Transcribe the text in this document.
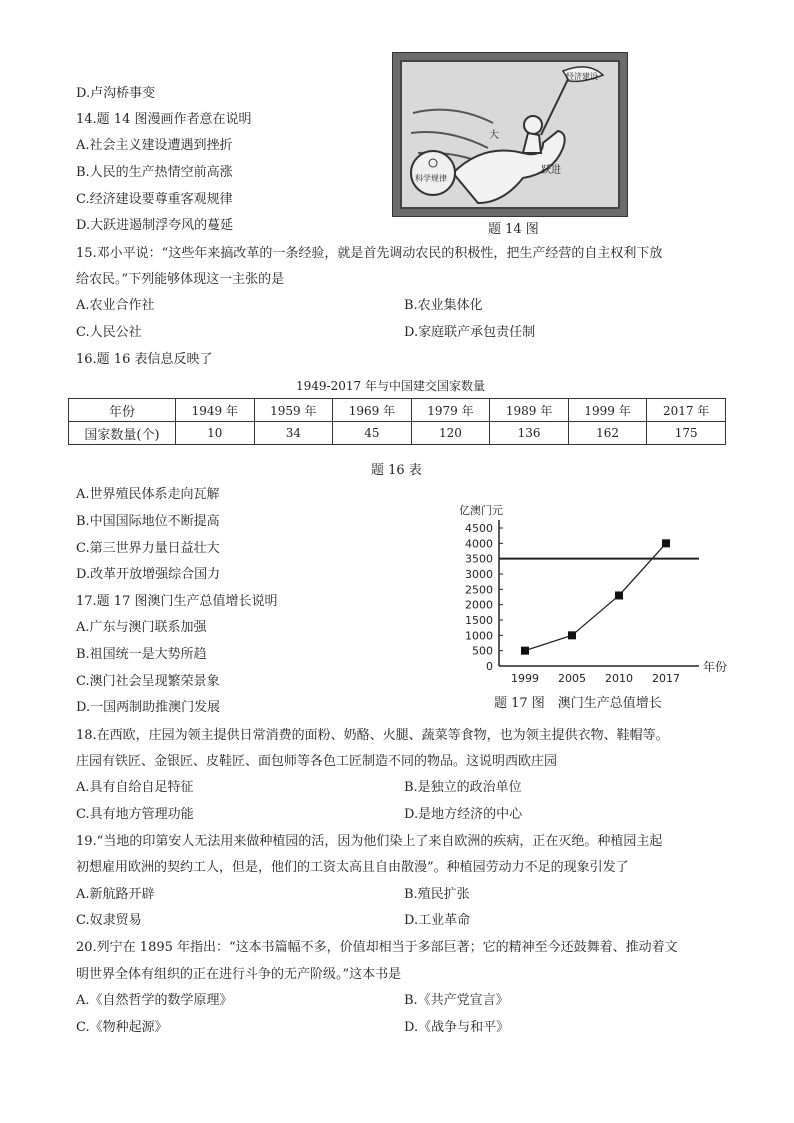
D.卢沟桥事变
14.题 14 图漫画作者意在说明
A.社会主义建设遭遇到挫折
B.人民的生产热情空前高涨
C.经济建设要尊重客观规律
D.大跃进遏制浮夸风的蔓延
经济建设
大
跃进
科学规律
题 14 图
15.邓小平说：“这些年来搞改革的一条经验，就是首先调动农民的积极性，把生产经营的自主权利下放
给农民。”下列能够体现这一主张的是
A.农业合作社	B.农业集体化
C.人民公社	D.家庭联产承包责任制
16.题 16 表信息反映了
1949-2017 年与中国建交国家数量
年份	1949 年	1959 年	1969 年	1979 年	1989 年	1999 年	2017 年
国家数量(个)	10	34	45	120	136	162	175
题 16 表
A.世界殖民体系走向瓦解
B.中国国际地位不断提高
C.第三世界力量日益壮大
D.改革开放增强综合国力
17.题 17 图澳门生产总值增长说明
A.广东与澳门联系加强
B.祖国统一是大势所趋
C.澳门社会呈现繁荣景象
D.一国两制助推澳门发展
0
500
1000
1500
2000
2500
3000
3500
4000
4500
亿澳门元
年份
1999 2005 2010 2017
题 17 图　澳门生产总值增长
18.在西欧，庄园为领主提供日常消费的面粉、奶酪、火腿、蔬菜等食物，也为领主提供衣物、鞋帽等。
庄园有铁匠、金银匠、皮鞋匠、面包师等各色工匠制造不同的物品。这说明西欧庄园
A.具有自给自足特征	B.是独立的政治单位
C.具有地方管理功能	D.是地方经济的中心
19.“当地的印第安人无法用来做种植园的活，因为他们染上了来自欧洲的疾病，正在灭绝。种植园主起
初想雇用欧洲的契约工人，但是，他们的工资太高且自由散漫”。种植园劳动力不足的现象引发了
A.新航路开辟	B.殖民扩张
C.奴隶贸易	D.工业革命
20.列宁在 1895 年指出：“这本书篇幅不多，价值却相当于多部巨著；它的精神至今还鼓舞着、推动着文
明世界全体有组织的正在进行斗争的无产阶级。”这本书是
A.《自然哲学的数学原理》	B.《共产党宣言》
C.《物种起源》	D.《战争与和平》
